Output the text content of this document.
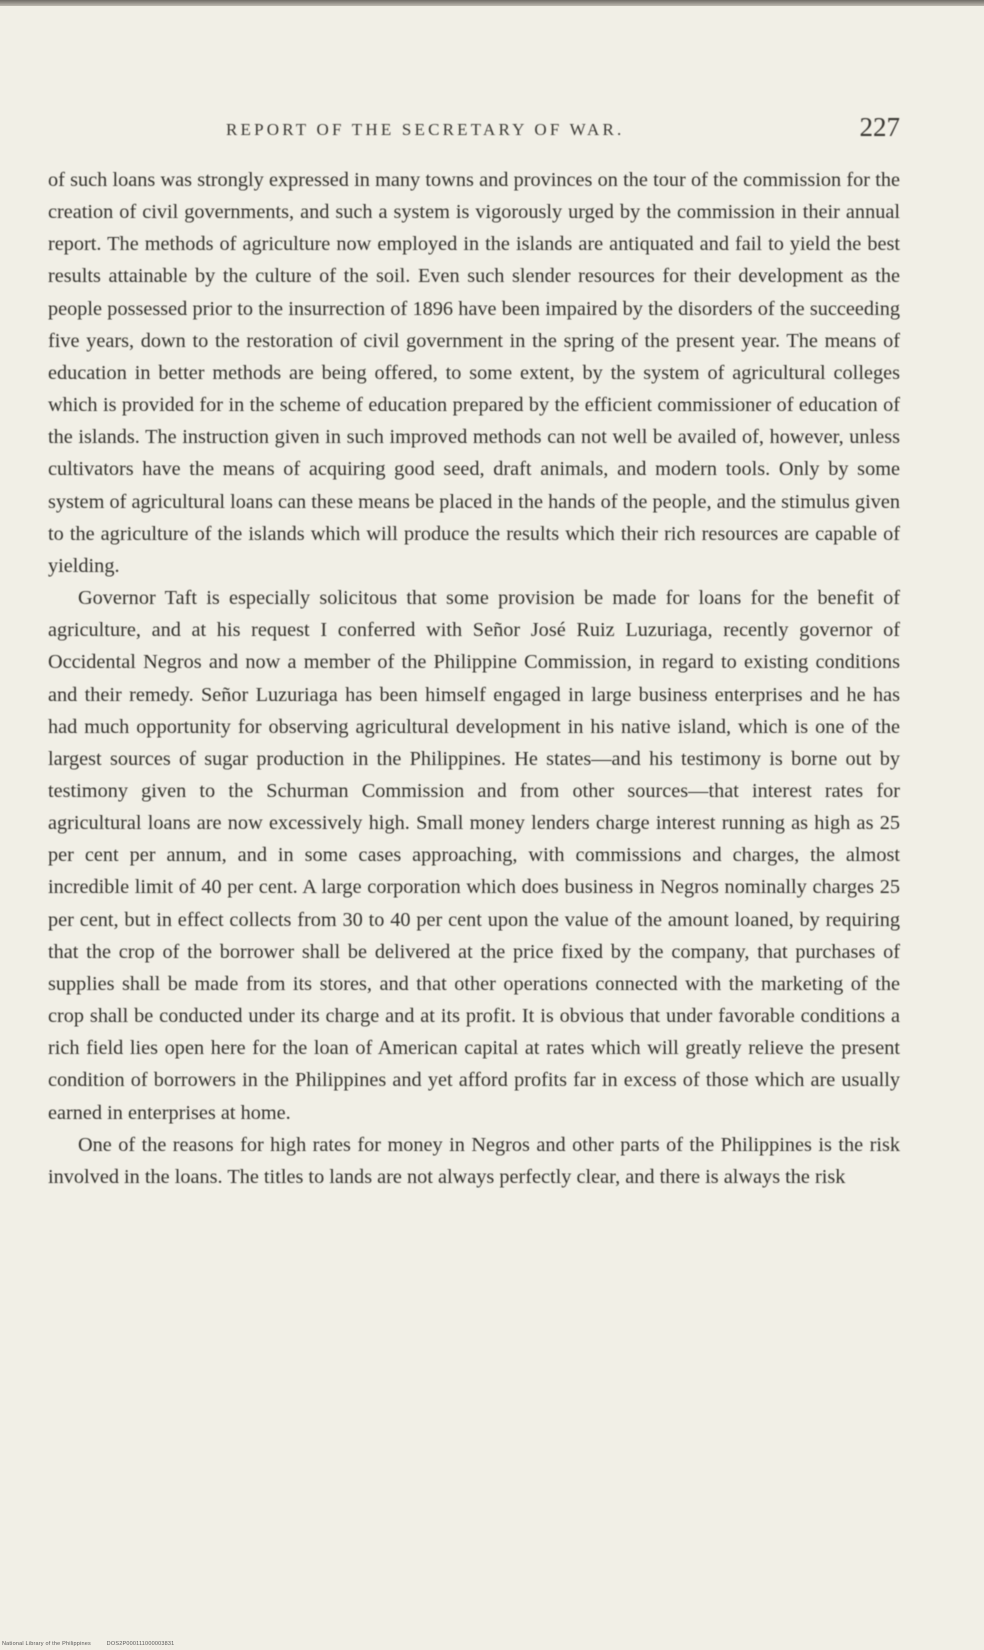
REPORT OF THE SECRETARY OF WAR.	227

of such loans was strongly expressed in many towns and provinces on the tour of the commission for the creation of civil governments, and such a system is vigorously urged by the commission in their annual report. The methods of agriculture now employed in the islands are antiquated and fail to yield the best results attainable by the culture of the soil. Even such slender resources for their development as the people possessed prior to the insurrection of 1896 have been impaired by the disorders of the succeeding five years, down to the restoration of civil government in the spring of the present year. The means of education in better methods are being offered, to some extent, by the system of agricultural colleges which is provided for in the scheme of education prepared by the efficient commissioner of education of the islands. The instruction given in such improved methods can not well be availed of, however, unless cultivators have the means of acquiring good seed, draft animals, and modern tools. Only by some system of agricultural loans can these means be placed in the hands of the people, and the stimulus given to the agriculture of the islands which will produce the results which their rich resources are capable of yielding.

Governor Taft is especially solicitous that some provision be made for loans for the benefit of agriculture, and at his request I conferred with Señor José Ruiz Luzuriaga, recently governor of Occidental Negros and now a member of the Philippine Commission, in regard to existing conditions and their remedy. Señor Luzuriaga has been himself engaged in large business enterprises and he has had much opportunity for observing agricultural development in his native island, which is one of the largest sources of sugar production in the Philippines. He states—and his testimony is borne out by testimony given to the Schurman Commission and from other sources—that interest rates for agricultural loans are now excessively high. Small money lenders charge interest running as high as 25 per cent per annum, and in some cases approaching, with commissions and charges, the almost incredible limit of 40 per cent. A large corporation which does business in Negros nominally charges 25 per cent, but in effect collects from 30 to 40 per cent upon the value of the amount loaned, by requiring that the crop of the borrower shall be delivered at the price fixed by the company, that purchases of supplies shall be made from its stores, and that other operations connected with the marketing of the crop shall be conducted under its charge and at its profit. It is obvious that under favorable conditions a rich field lies open here for the loan of American capital at rates which will greatly relieve the present condition of borrowers in the Philippines and yet afford profits far in excess of those which are usually earned in enterprises at home.

One of the reasons for high rates for money in Negros and other parts of the Philippines is the risk involved in the loans. The titles to lands are not always perfectly clear, and there is always the risk

National Library of the Philippines	DOS2P000111000003831
